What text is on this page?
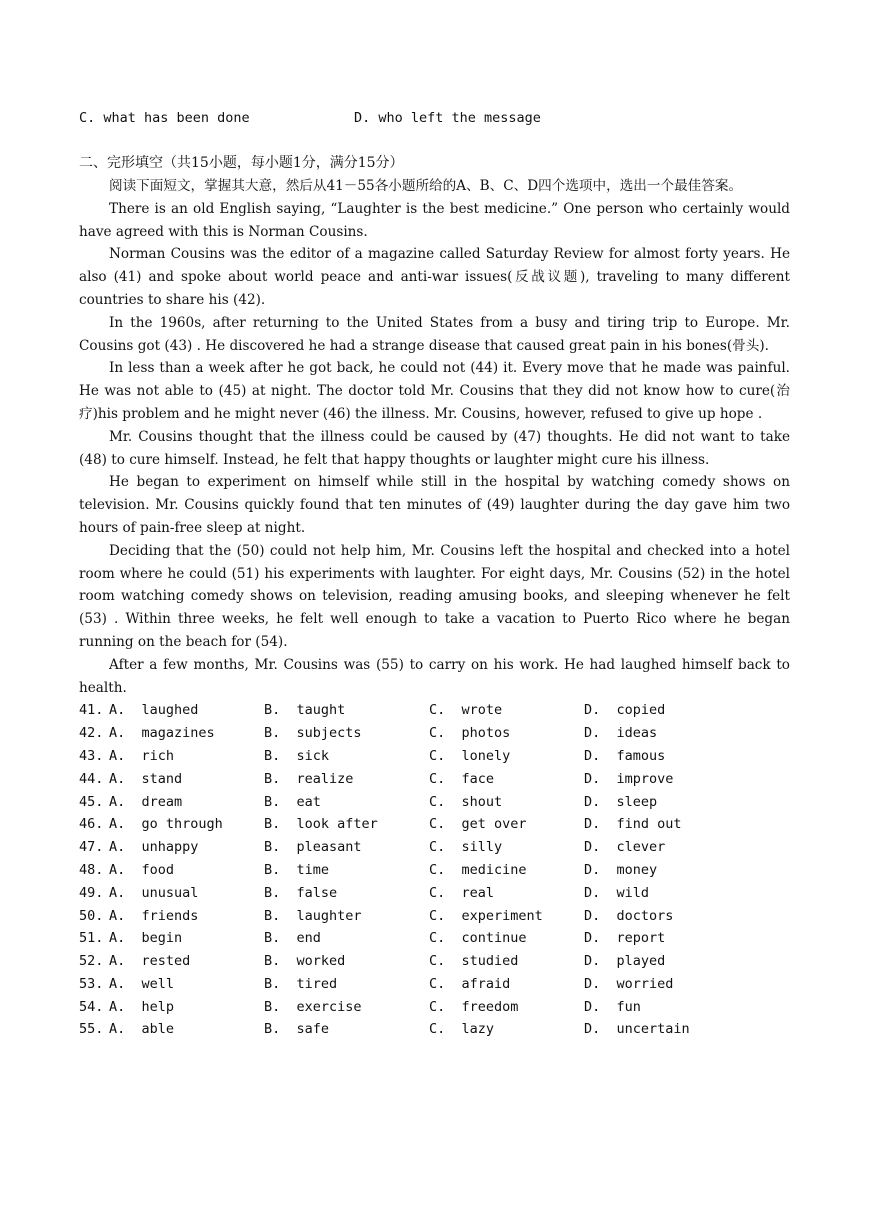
C. what has been done	D. who left the message
二、完形填空（共15小题，每小题1分，满分15分）

阅读下面短文，掌握其大意，然后从41－55各小题所给的A、B、C、D四个选项中，选出一个最佳答案。

There is an old English saying, “Laughter is the best medicine.” One person who certainly would have agreed with this is Norman Cousins.

Norman Cousins was the editor of a magazine called Saturday Review for almost forty years. He also (41) and spoke about world peace and anti-war issues(反战议题), traveling to many different countries to share his (42).

In the 1960s, after returning to the United States from a busy and tiring trip to Europe. Mr. Cousins got (43) . He discovered he had a strange disease that caused great pain in his bones(骨头).

In less than a week after he got back, he could not (44) it. Every move that he made was painful. He was not able to (45) at night. The doctor told Mr. Cousins that they did not know how to cure(治疗)his problem and he might never (46) the illness. Mr. Cousins, however, refused to give up hope .

Mr. Cousins thought that the illness could be caused by (47) thoughts. He did not want to take (48) to cure himself. Instead, he felt that happy thoughts or laughter might cure his illness.

He began to experiment on himself while still in the hospital by watching comedy shows on television. Mr. Cousins quickly found that ten minutes of (49) laughter during the day gave him two hours of pain-free sleep at night.

Deciding that the (50) could not help him, Mr. Cousins left the hospital and checked into a hotel room where he could (51) his experiments with laughter. For eight days, Mr. Cousins (52) in the hotel room watching comedy shows on television, reading amusing books, and sleeping whenever he felt (53) . Within three weeks, he felt well enough to take a vacation to Puerto Rico where he began running on the beach for (54).

After a few months, Mr. Cousins was (55) to carry on his work. He had laughed himself back to health.

41. A.  laughed	B.  taught	C.  wrote	D.  copied
42. A.  magazines	B.  subjects	C.  photos	D.  ideas
43. A.  rich	B.  sick	C.  lonely	D.  famous
44. A.  stand	B.  realize	C.  face	D.  improve
45. A.  dream	B.  eat	C.  shout	D.  sleep
46. A.  go through	B.  look after	C.  get over	D.  find out
47. A.  unhappy	B.  pleasant	C.  silly	D.  clever
48. A.  food	B.  time	C.  medicine	D.  money
49. A.  unusual	B.  false	C.  real	D.  wild
50. A.  friends	B.  laughter	C.  experiment	D.  doctors
51. A.  begin	B.  end	C.  continue	D.  report
52. A.  rested	B.  worked	C.  studied	D.  played
53. A.  well	B.  tired	C.  afraid	D.  worried
54. A.  help	B.  exercise	C.  freedom	D.  fun
55. A.  able	B.  safe	C.  lazy	D.  uncertain
